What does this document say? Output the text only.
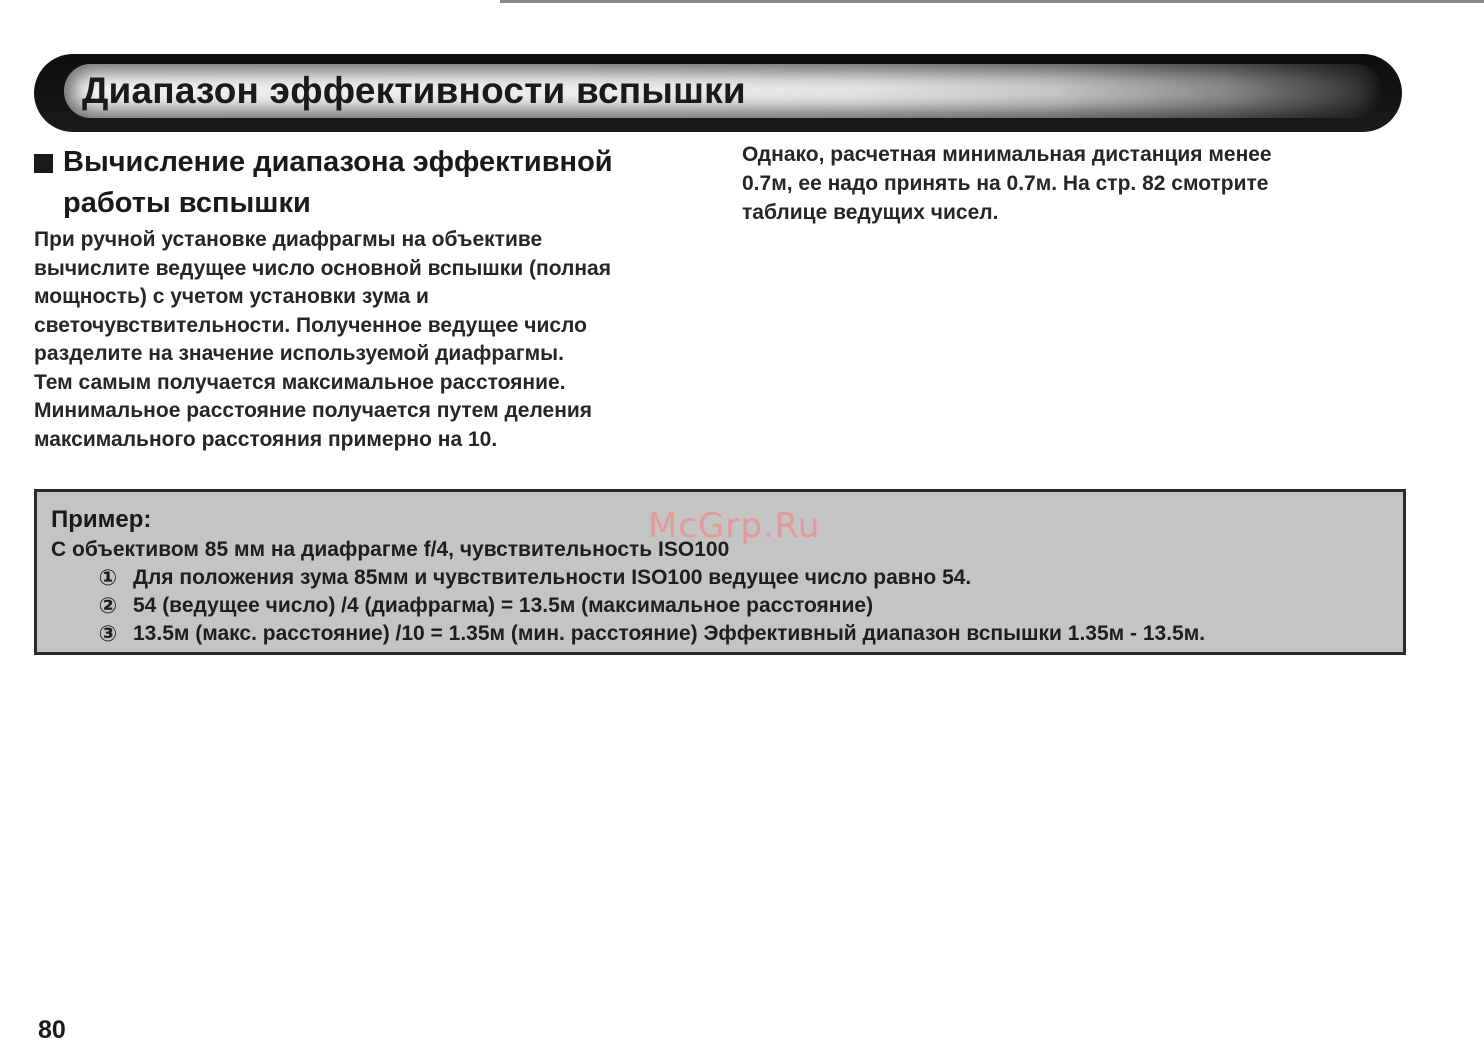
Диапазон эффективности вспышки
Вычисление диапазона эффективной работы вспышки
При ручной установке диафрагмы на объективе
вычислите ведущее число основной вспышки (полная
мощность) с учетом установки зума и
светочувствительности. Полученное ведущее число
разделите на значение используемой диафрагмы.
Тем самым получается максимальное расстояние.
Минимальное расстояние получается путем деления
максимального расстояния примерно на 10.
Однако, расчетная минимальная дистанция менее
0.7м, ее надо принять на 0.7м. На стр. 82 смотрите
таблице ведущих чисел.
Пример:
С объективом 85 мм на диафрагме f/4, чувствительность ISO100
① Для положения зума 85мм и чувствительности ISO100 ведущее число равно 54.
② 54 (ведущее число) /4 (диафрагма) = 13.5м (максимальное расстояние)
③ 13.5м (макс. расстояние) /10 = 1.35м (мин. расстояние) Эффективный диапазон вспышки 1.35м - 13.5м.
McGrp.Ru
80
